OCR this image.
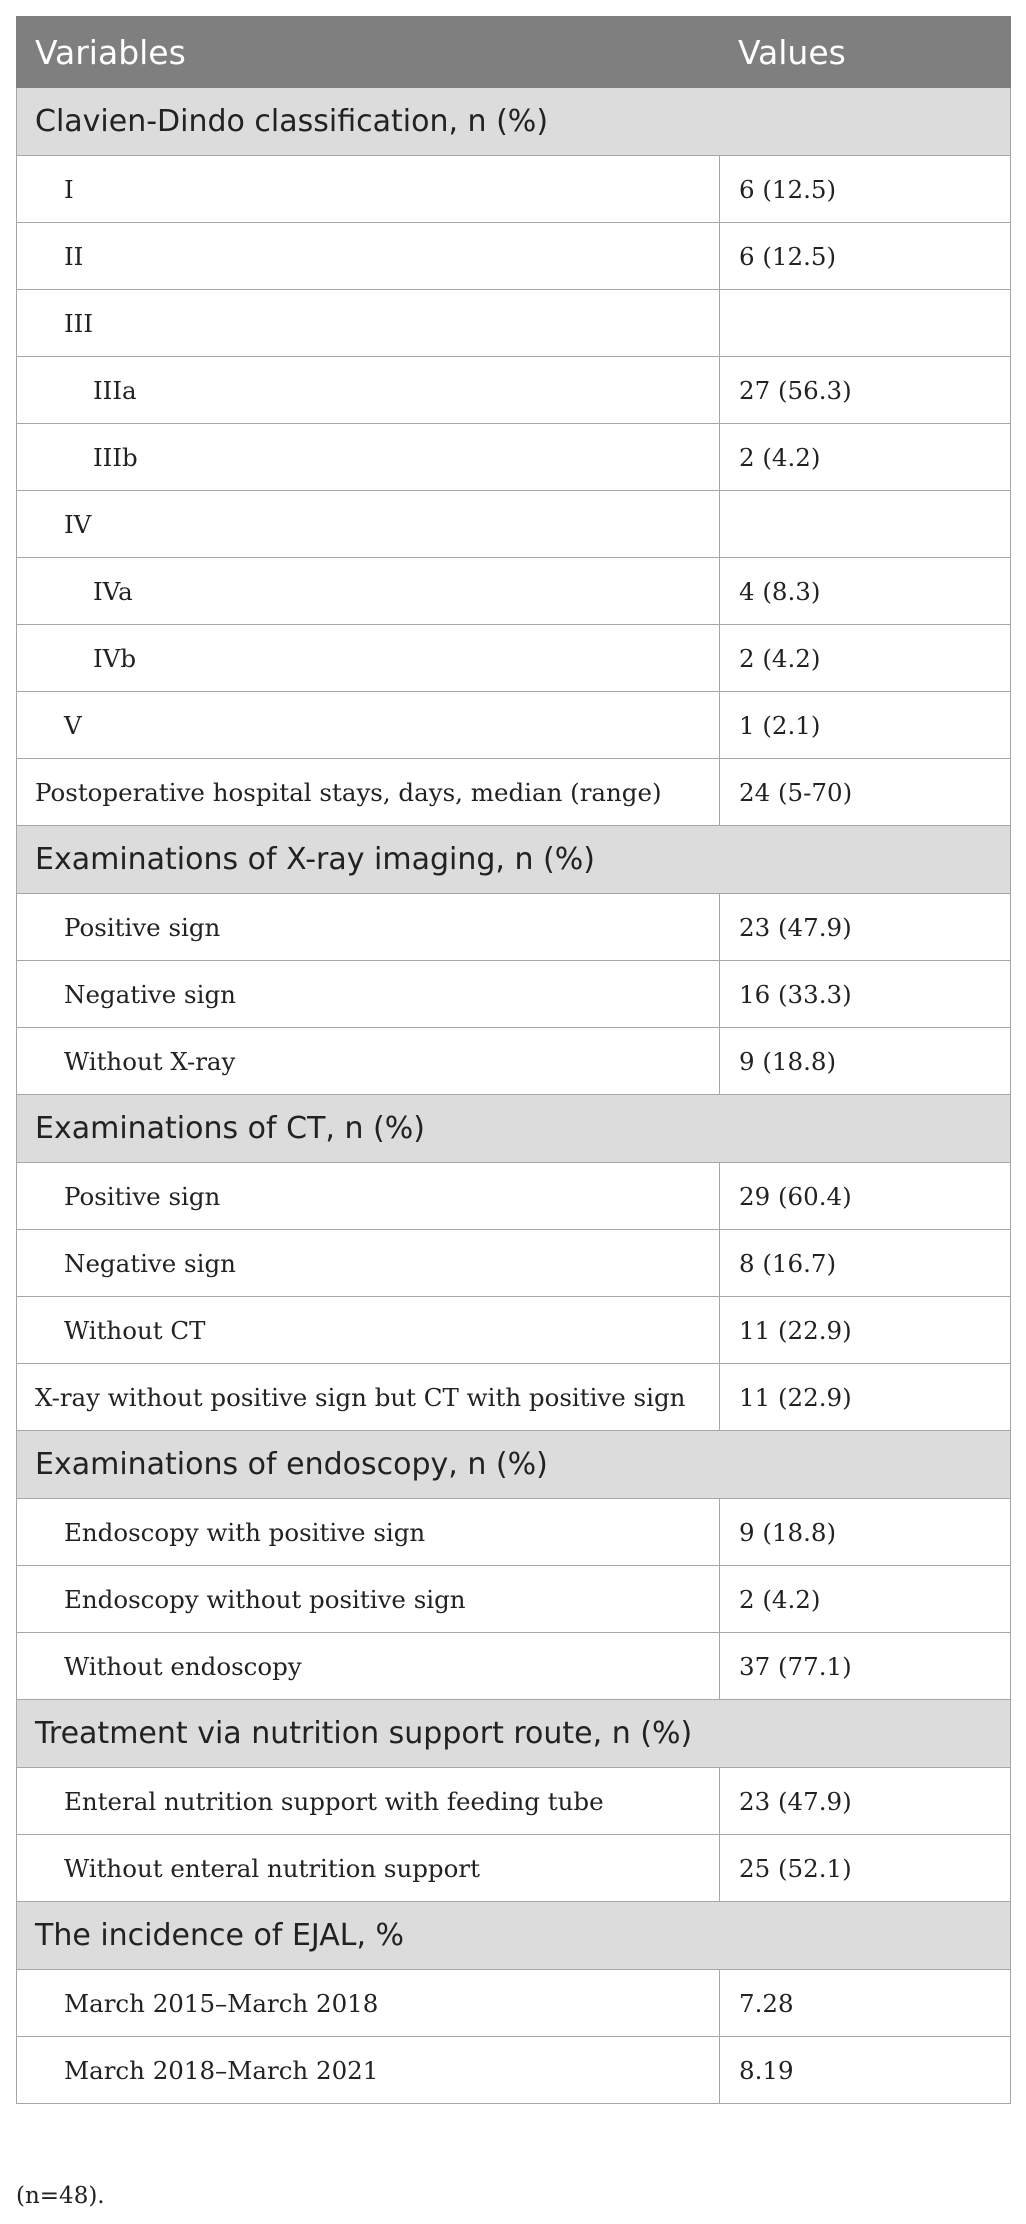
Variables	Values
Clavien-Dindo classification, n (%)	
I	6 (12.5)
II	6 (12.5)
III	
IIIa	27 (56.3)
IIIb	2 (4.2)
IV	
IVa	4 (8.3)
IVb	2 (4.2)
V	1 (2.1)
Postoperative hospital stays, days, median (range)	24 (5-70)
Examinations of X-ray imaging, n (%)	
Positive sign	23 (47.9)
Negative sign	16 (33.3)
Without X-ray	9 (18.8)
Examinations of CT, n (%)	
Positive sign	29 (60.4)
Negative sign	8 (16.7)
Without CT	11 (22.9)
X-ray without positive sign but CT with positive sign	11 (22.9)
Examinations of endoscopy, n (%)	
Endoscopy with positive sign	9 (18.8)
Endoscopy without positive sign	2 (4.2)
Without endoscopy	37 (77.1)
Treatment via nutrition support route, n (%)	
Enteral nutrition support with feeding tube	23 (47.9)
Without enteral nutrition support	25 (52.1)
The incidence of EJAL, %	
March 2015–March 2018	7.28
March 2018–March 2021	8.19
(n=48).
